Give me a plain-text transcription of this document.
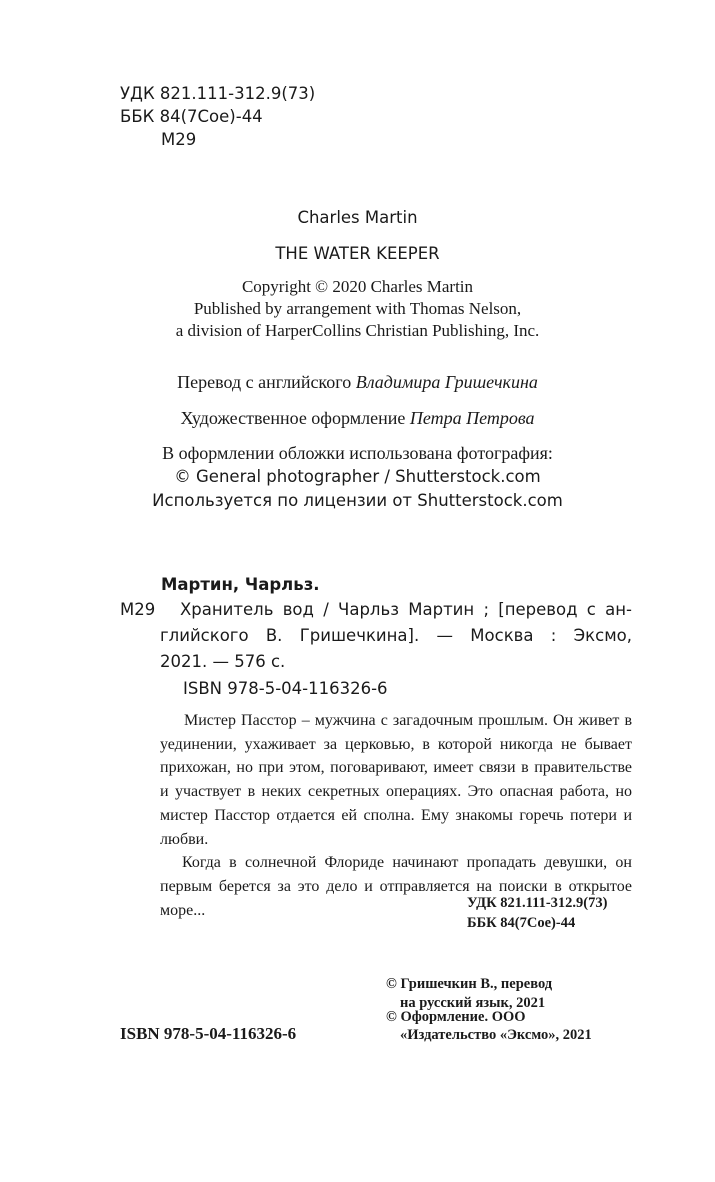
УДК 821.111-312.9(73)
ББК 84(7Сое)-44
М29
Charles Martin
THE WATER KEEPER
Copyright © 2020 Charles Martin
Published by arrangement with Thomas Nelson,
a division of HarperCollins Christian Publishing, Inc.
Перевод с английского Владимира Гришечкина
Художественное оформление Петра Петрова
В оформлении обложки использована фотография:
© General photographer / Shutterstock.com
Используется по лицензии от Shutterstock.com
Мартин, Чарльз.
М29	Хранитель вод / Чарльз Мартин ; [перевод с ан-
глийского В. Гришечкина]. — Москва : Эксмо,
2021. — 576 с.
ISBN 978-5-04-116326-6

Мистер Пасстор – мужчина с загадочным прошлым. Он живет в уединении, ухаживает за церковью, в которой никогда не бывает прихожан, но при этом, поговаривают, имеет связи в правительстве и участвует в неких секретных операциях. Это опасная работа, но мистер Пасстор отдается ей сполна. Ему знакомы горечь потери и любви.

Когда в солнечной Флориде начинают пропадать девушки, он первым берется за это дело и отправляется на поиски в открытое море...	УДК 821.111-312.9(73)
ББК 84(7Сое)-44
© Гришечкин В., перевод
на русский язык, 2021
© Оформление. ООО
«Издательство «Эксмо», 2021
ISBN 978-5-04-116326-6
